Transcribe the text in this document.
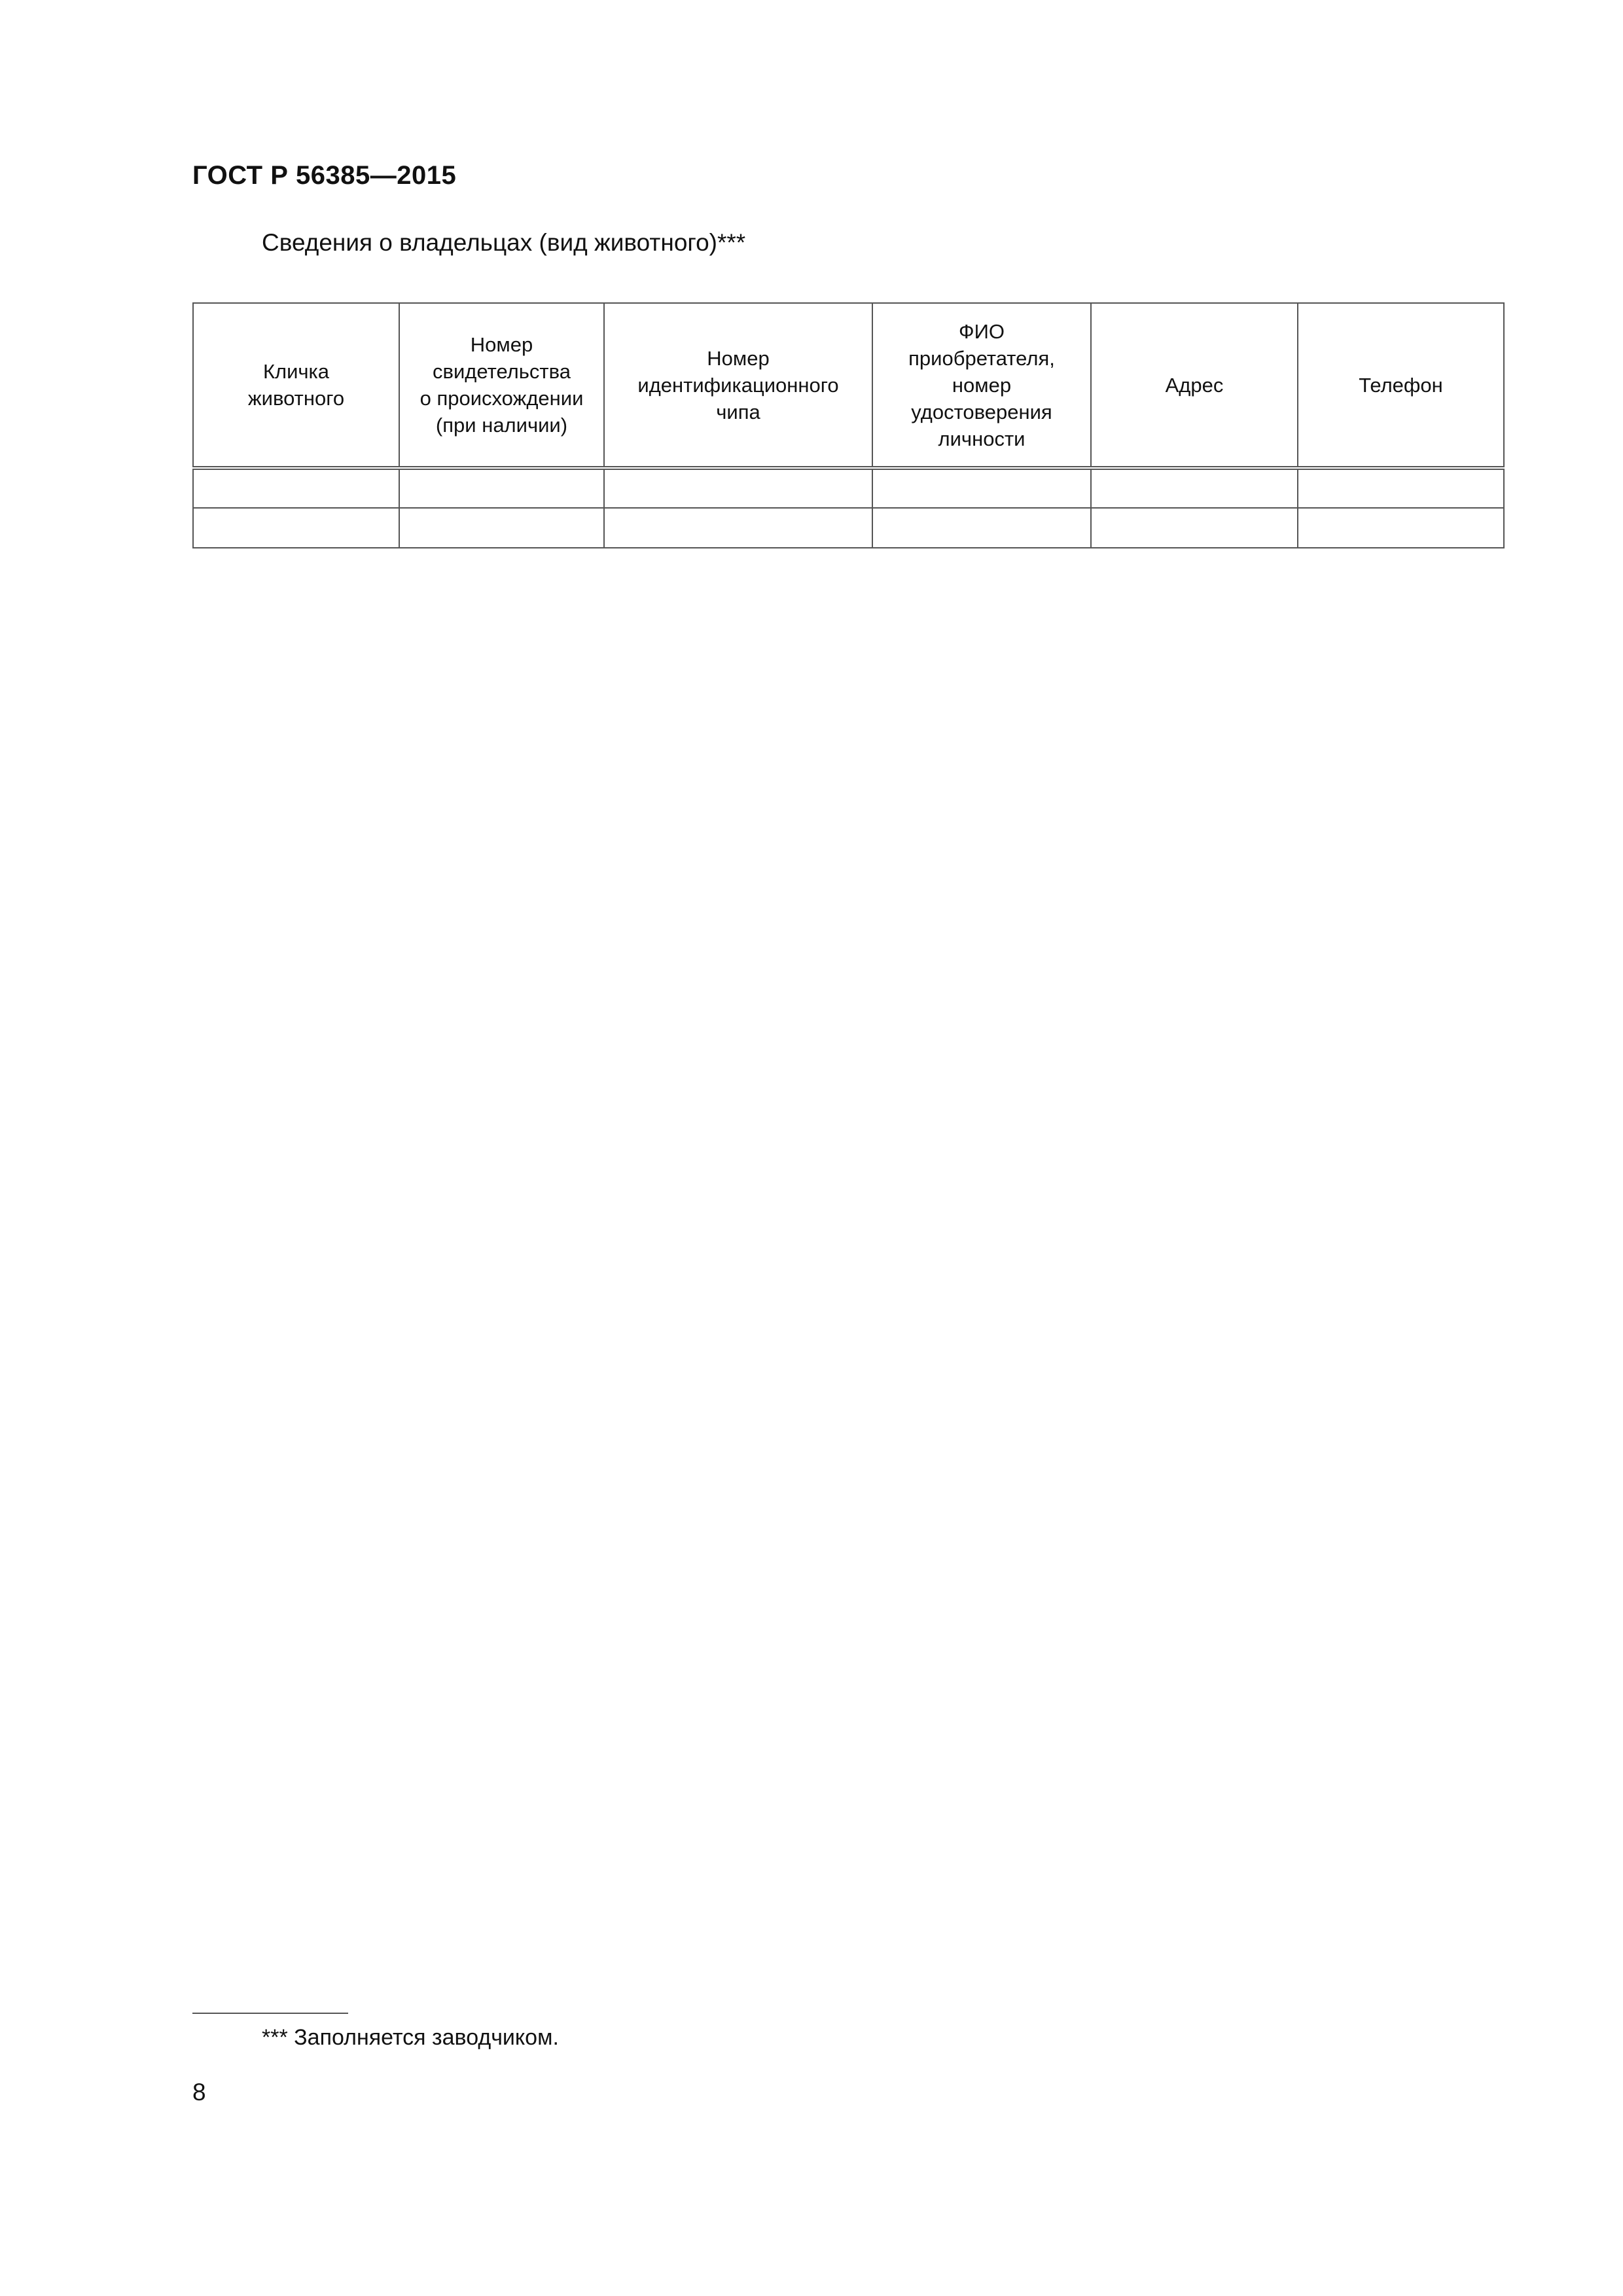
ГОСТ Р 56385—2015
Сведения о владельцах (вид животного)***
Кличка
животного	Номер
свидетельства
о происхождении
(при наличии)	Номер
идентификационного
чипа	ФИО
приобретателя,
номер
удостоверения
личности	Адрес	Телефон

*** Заполняется заводчиком.
8
